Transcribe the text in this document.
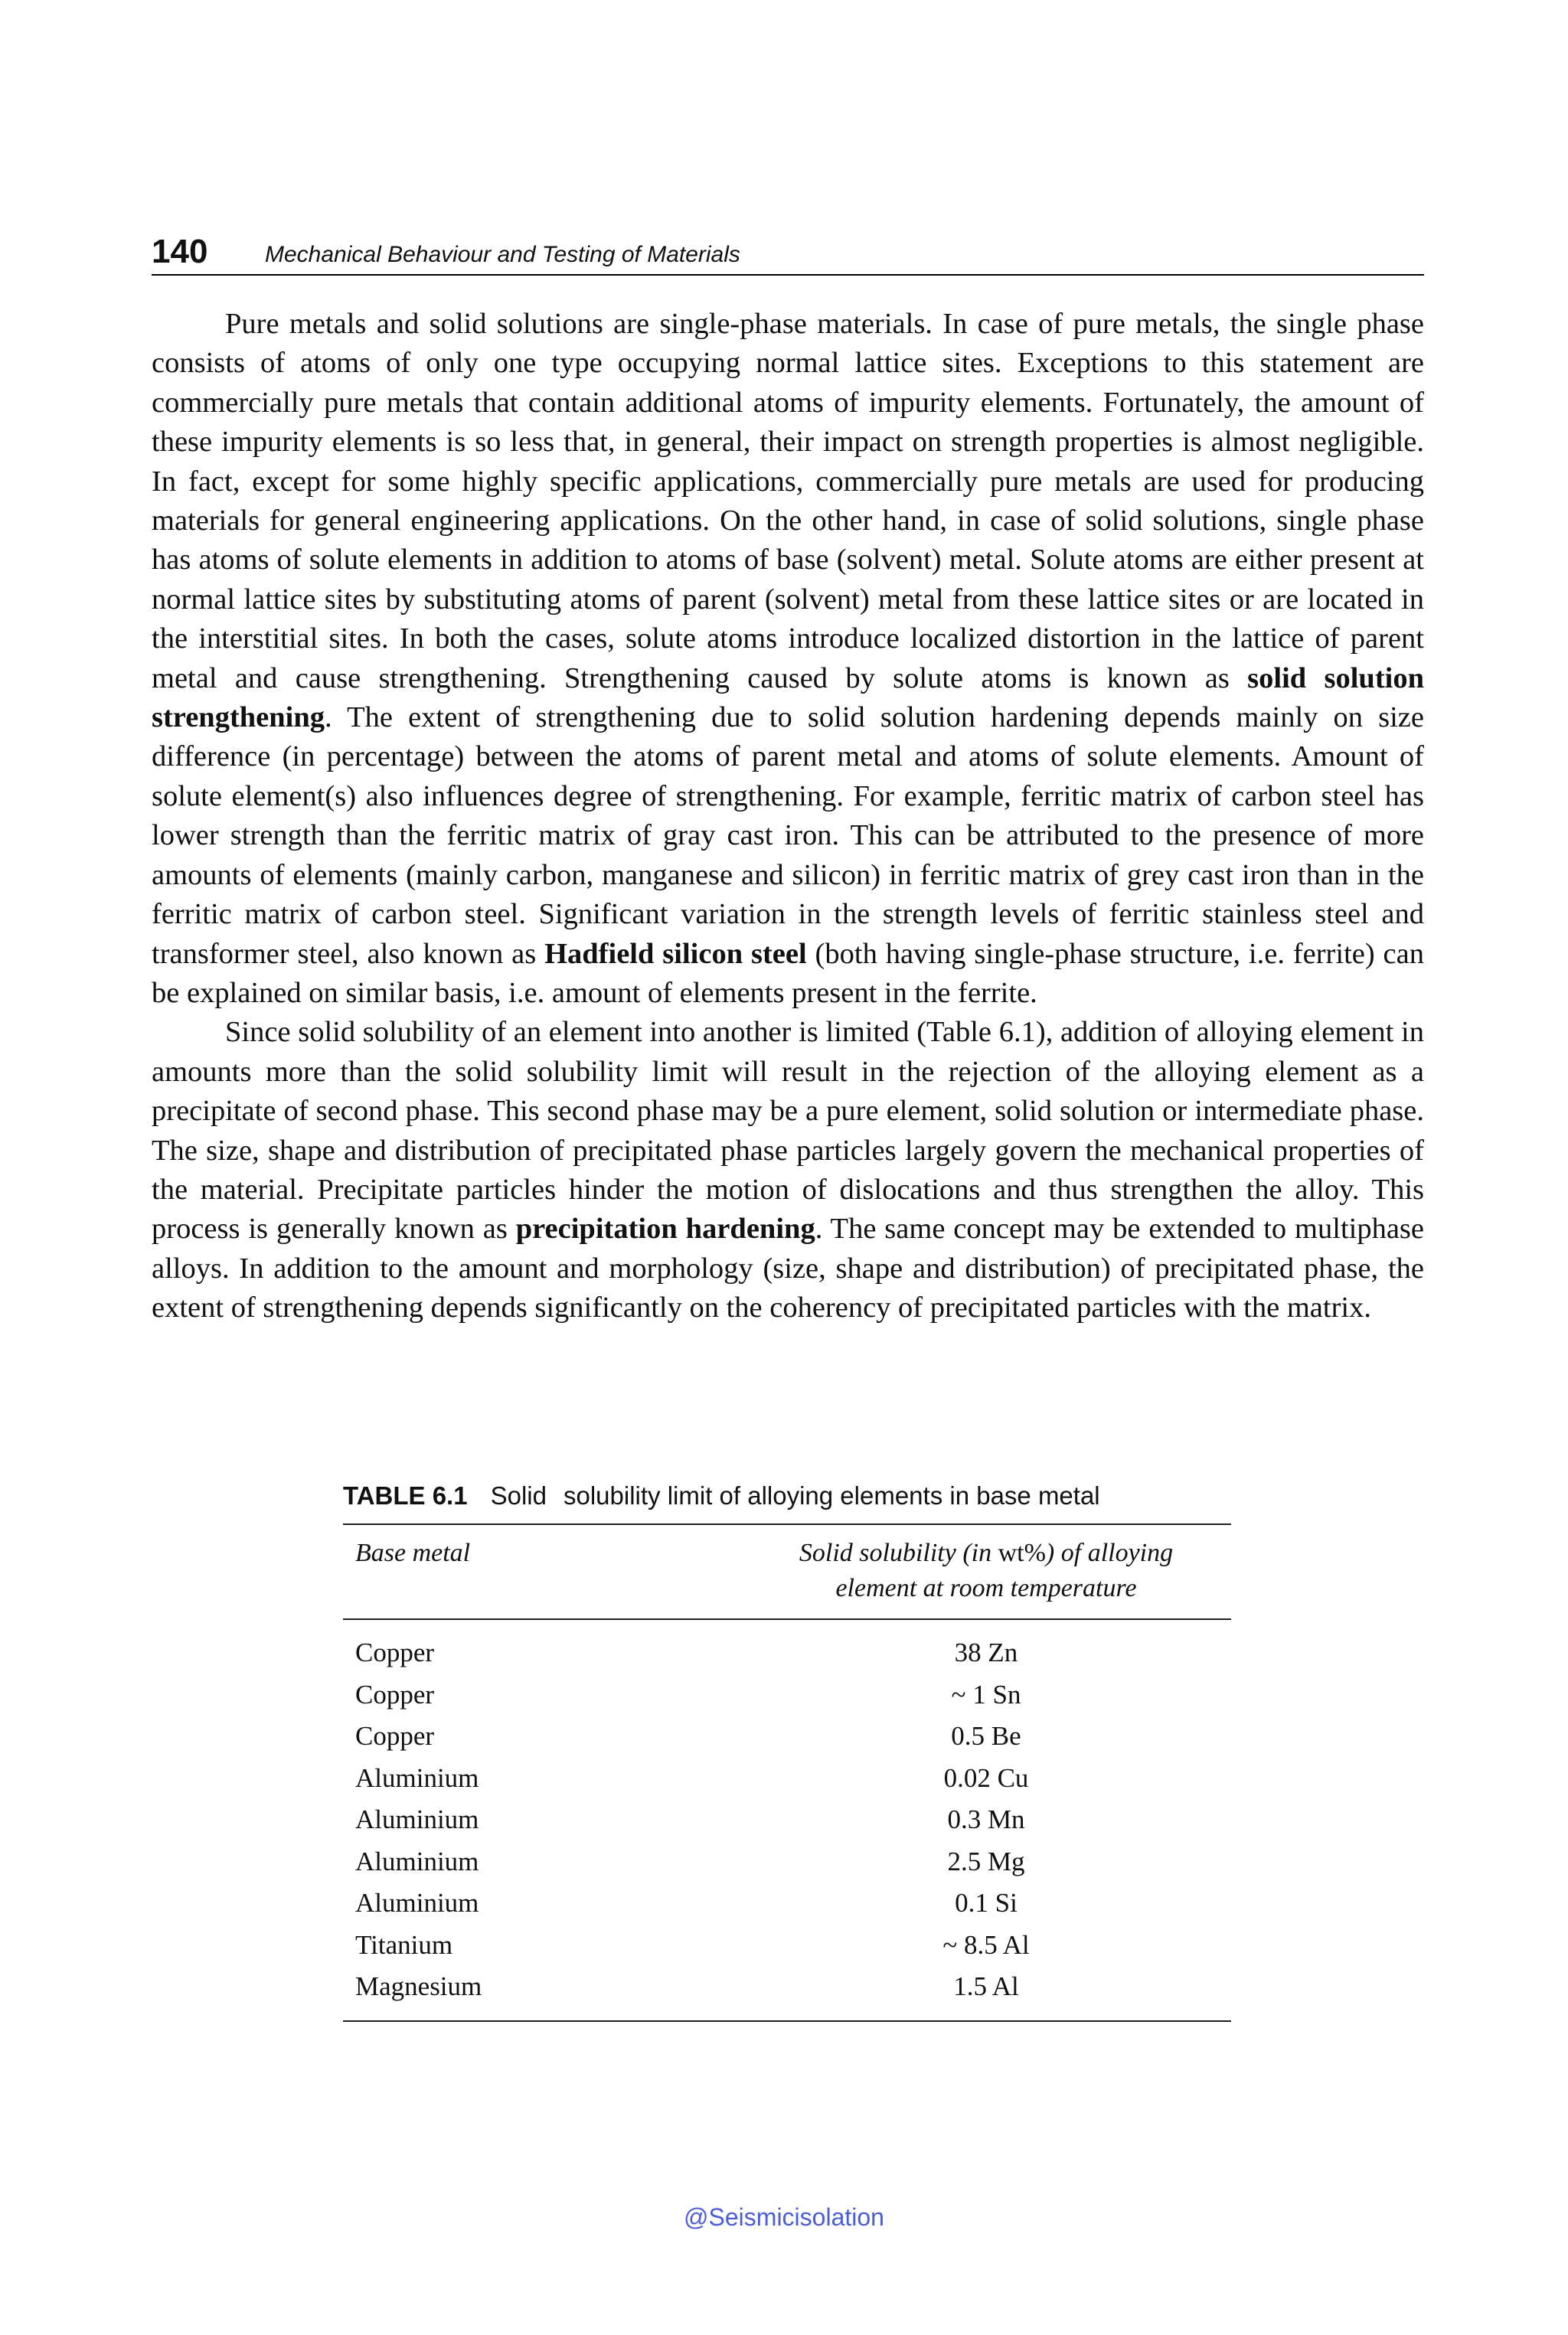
140 Mechanical Behaviour and Testing of Materials

Pure metals and solid solutions are single-phase materials. In case of pure metals, the single phase consists of atoms of only one type occupying normal lattice sites. Exceptions to this statement are commercially pure metals that contain additional atoms of impurity elements. Fortunately, the amount of these impurity elements is so less that, in general, their impact on strength properties is almost negligible. In fact, except for some highly specific applications, commercially pure metals are used for producing materials for general engineering applications. On the other hand, in case of solid solutions, single phase has atoms of solute elements in addition to atoms of base (solvent) metal. Solute atoms are either present at normal lattice sites by substituting atoms of parent (solvent) metal from these lattice sites or are located in the interstitial sites. In both the cases, solute atoms introduce localized distortion in the lattice of parent metal and cause strengthening. Strengthening caused by solute atoms is known as solid solution strengthening. The extent of strengthening due to solid solution hardening depends mainly on size difference (in percentage) between the atoms of parent metal and atoms of solute elements. Amount of solute element(s) also influences degree of strengthening. For example, ferritic matrix of carbon steel has lower strength than the ferritic matrix of gray cast iron. This can be attributed to the presence of more amounts of elements (mainly carbon, manganese and silicon) in ferritic matrix of grey cast iron than in the ferritic matrix of carbon steel. Significant variation in the strength levels of ferritic stainless steel and transformer steel, also known as Hadfield silicon steel (both having single-phase structure, i.e. ferrite) can be explained on similar basis, i.e. amount of elements present in the ferrite.

Since solid solubility of an element into another is limited (Table 6.1), addition of alloying element in amounts more than the solid solubility limit will result in the rejection of the alloying element as a precipitate of second phase. This second phase may be a pure element, solid solution or intermediate phase. The size, shape and distribution of precipitated phase particles largely govern the mechanical properties of the material. Precipitate particles hinder the motion of dislocations and thus strengthen the alloy. This process is generally known as precipitation hardening. The same concept may be extended to multiphase alloys. In addition to the amount and morphology (size, shape and distribution) of precipitated phase, the extent of strengthening depends significantly on the coherency of precipitated particles with the matrix.

TABLE 6.1 Solid solubility limit of alloying elements in base metal
Base metal	Solid solubility (in wt%) of alloying
element at room temperature
Copper	38 Zn
Copper	~ 1 Sn
Copper	0.5 Be
Aluminium	0.02 Cu
Aluminium	0.3 Mn
Aluminium	2.5 Mg
Aluminium	0.1 Si
Titanium	~ 8.5 Al
Magnesium	1.5 Al
@Seismicisolation
